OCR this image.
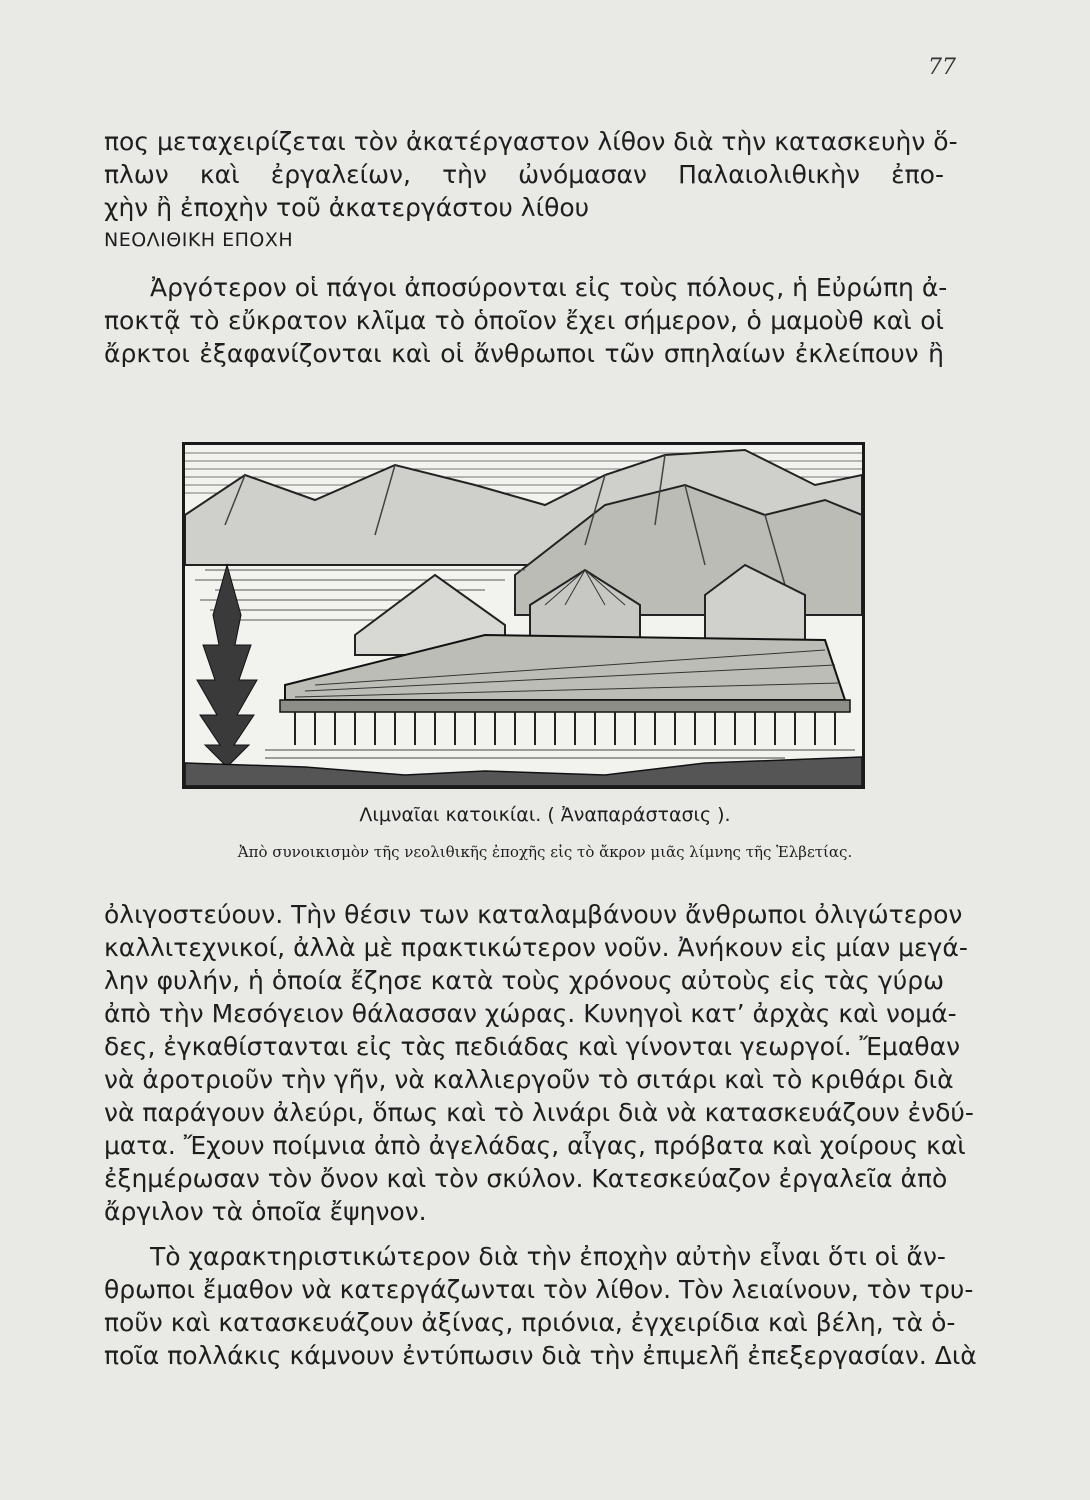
77
πος μεταχειρίζεται τὸν ἀκατέργαστον λίθον διὰ τὴν κατασκευὴν ὅ-
πλων καὶ ἐργαλείων, τὴν ὠνόμασαν Παλαιολιθικὴν ἐπο-
χὴν ἢ ἐποχὴν τοῦ ἀκατεργάστου λίθου
ΝΕΟΛΙΘΙΚΗ ΕΠΟΧΗ
Ἀργότερον οἱ πάγοι ἀποσύρονται εἰς τοὺς πόλους, ἡ Εὐρώπη ἀ-
ποκτᾷ τὸ εὔκρατον κλῖμα τὸ ὁποῖον ἔχει σήμερον, ὁ μαμοὺθ καὶ οἱ
ἄρκτοι ἐξαφανίζονται καὶ οἱ ἄνθρωποι τῶν σπηλαίων ἐκλείπουν ἢ
Λιμναῖαι κατοικίαι. ( Ἀναπαράστασις ).
Ἀπὸ συνοικισμὸν τῆς νεολιθικῆς ἐποχῆς εἰς τὸ ἄκρον μιᾶς λίμνης τῆς Ἑλβετίας.
ὀλιγοστεύουν. Τὴν θέσιν των καταλαμβάνουν ἄνθρωποι ὀλιγώτερον
καλλιτεχνικοί, ἀλλὰ μὲ πρακτικώτερον νοῦν. Ἀνήκουν εἰς μίαν μεγά-
λην φυλήν, ἡ ὁποία ἔζησε κατὰ τοὺς χρόνους αὐτοὺς εἰς τὰς γύρω
ἀπὸ τὴν Μεσόγειον θάλασσαν χώρας. Κυνηγοὶ κατ’ ἀρχὰς καὶ νομά-
δες, ἐγκαθίστανται εἰς τὰς πεδιάδας καὶ γίνονται γεωργοί. Ἔμαθαν
νὰ ἀροτριοῦν τὴν γῆν, νὰ καλλιεργοῦν τὸ σιτάρι καὶ τὸ κριθάρι διὰ
νὰ παράγουν ἀλεύρι, ὅπως καὶ τὸ λινάρι διὰ νὰ κατασκευάζουν ἐνδύ-
ματα. Ἔχουν ποίμνια ἀπὸ ἀγελάδας, αἶγας, πρόβατα καὶ χοίρους καὶ
ἐξημέρωσαν τὸν ὄνον καὶ τὸν σκύλον. Κατεσκεύαζον ἐργαλεῖα ἀπὸ
ἄργιλον τὰ ὁποῖα ἔψηνον.
Τὸ χαρακτηριστικώτερον διὰ τὴν ἐποχὴν αὐτὴν εἶναι ὅτι οἱ ἄν-
θρωποι ἔμαθον νὰ κατεργάζωνται τὸν λίθον. Τὸν λειαίνουν, τὸν τρυ-
ποῦν καὶ κατασκευάζουν ἀξίνας, πριόνια, ἐγχειρίδια καὶ βέλη, τὰ ὁ-
ποῖα πολλάκις κάμνουν ἐντύπωσιν διὰ τὴν ἐπιμελῆ ἐπεξεργασίαν. Διὰ
